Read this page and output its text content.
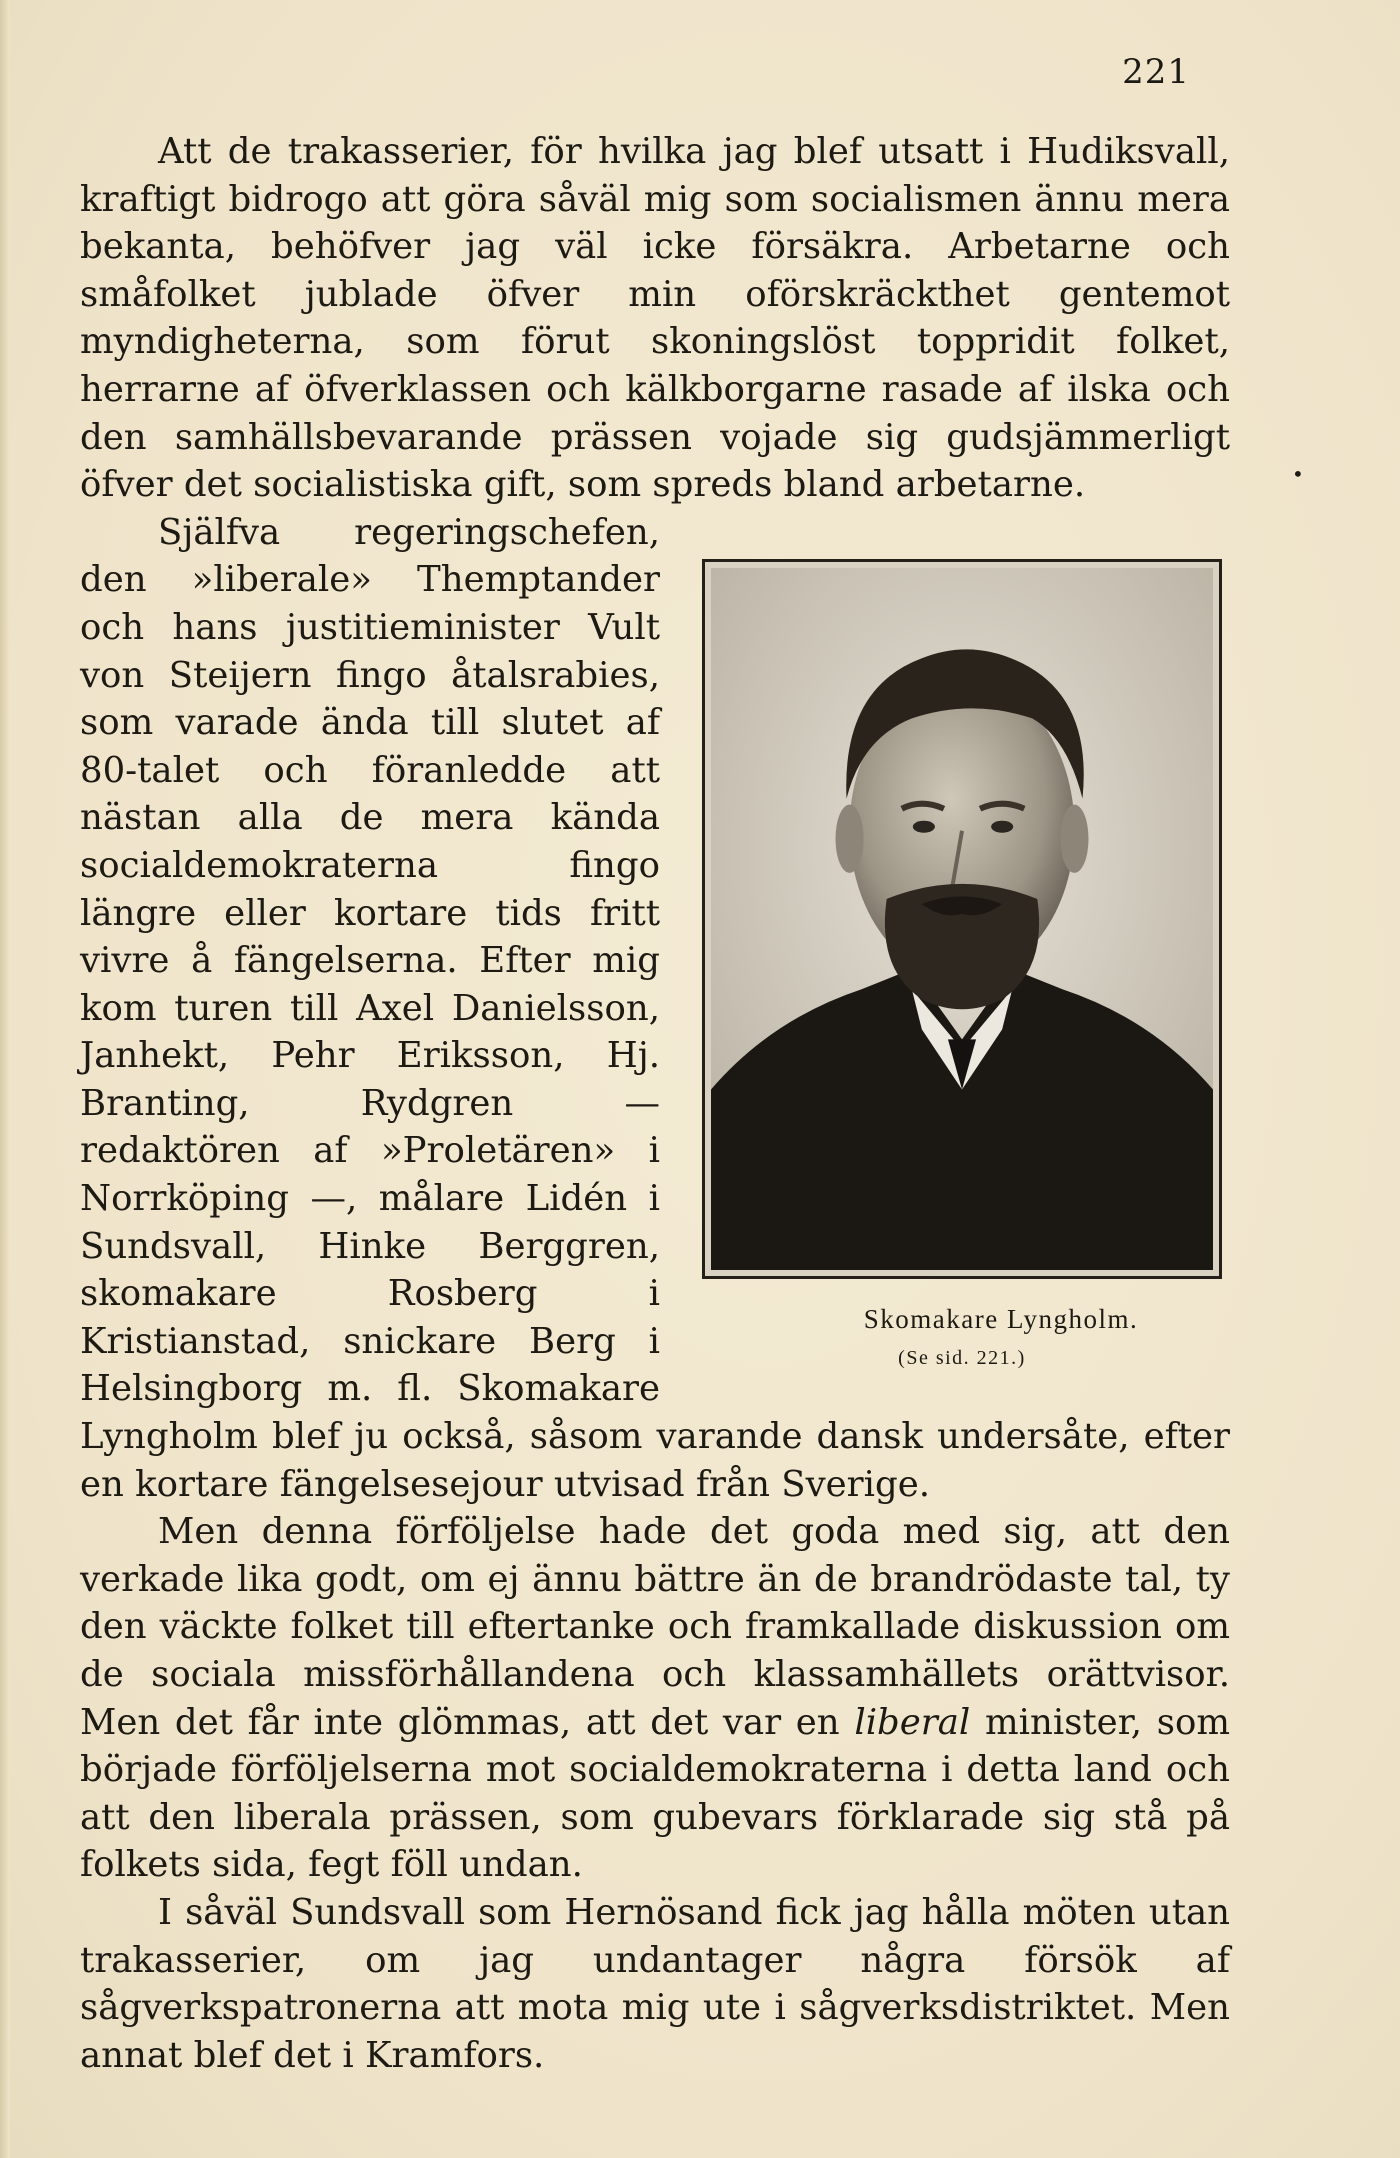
221
•

Att de trakasserier, för hvilka jag blef utsatt i Hudiksvall, kraftigt bidrogo att göra såväl mig som socialismen ännu mera bekanta, behöfver jag väl icke försäkra. Arbetarne och småfolket jublade öfver min oförskräckthet gentemot myndigheterna, som förut skoningslöst toppridit folket, herrarne af öfverklassen och kälkborgarne rasade af ilska och den samhällsbevarande prässen vojade sig gudsjämmerligt öfver det socialistiska gift, som spreds bland arbetarne.

Skomakare Lyngholm.
(Se sid. 221.)
Själfva regeringschefen, den »liberale» Themptander och hans justitieminister Vult von Steijern fingo åtalsrabies, som varade ända till slutet af 80-talet och föranledde att nästan alla de mera kända socialdemokraterna fingo längre eller kortare tids fritt vivre å fängelserna. Efter mig kom turen till Axel Danielsson, Janhekt, Pehr Eriksson, Hj. Branting, Rydgren — redaktören af »Proletären» i Norrköping —, målare Lidén i Sundsvall, Hinke Berggren, skomakare Rosberg i Kristianstad, snickare Berg i Helsingborg m. fl. Skomakare Lyngholm blef ju också, såsom varande dansk undersåte, efter en kortare fängelsesejour utvisad från Sverige.

Men denna förföljelse hade det goda med sig, att den verkade lika godt, om ej ännu bättre än de brandrödaste tal, ty den väckte folket till eftertanke och framkallade diskussion om de sociala missförhållandena och klassamhällets orättvisor. Men det får inte glömmas, att det var en liberal minister, som började förföljelserna mot socialdemokraterna i detta land och att den liberala prässen, som gubevars förklarade sig stå på folkets sida, fegt föll undan.

I såväl Sundsvall som Hernösand fick jag hålla möten utan trakasserier, om jag undantager några försök af sågverkspatronerna att mota mig ute i sågverksdistriktet. Men annat blef det i Kramfors.
